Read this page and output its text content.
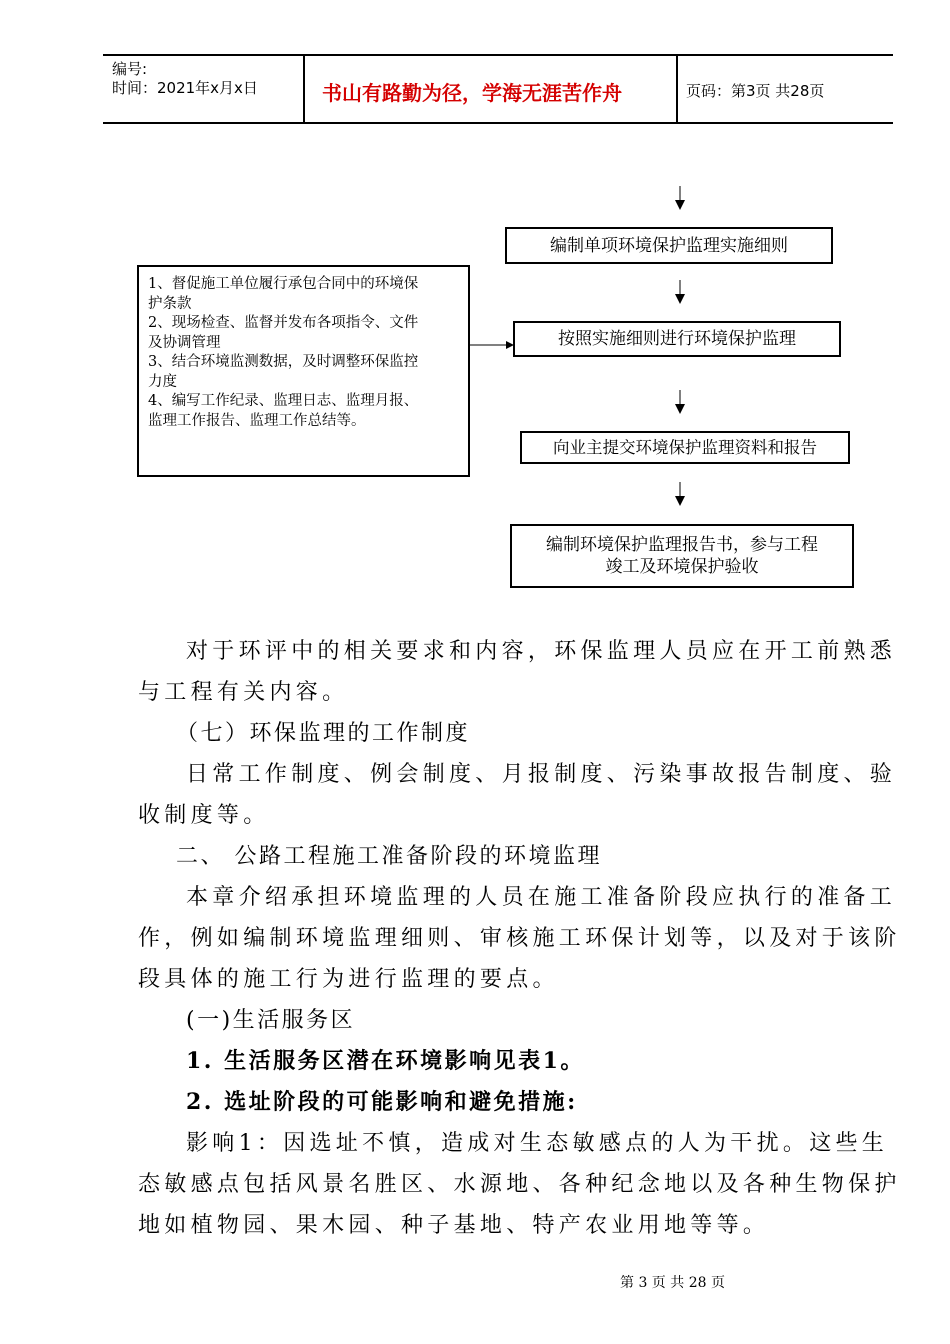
编号:
时间：2021年x月x日	书山有路勤为径，学海无涯苦作舟	页码：第3页 共28页
编制单项环境保护监理实施细则
按照实施细则进行环境保护监理
向业主提交环境保护监理资料和报告
编制环境保护监理报告书，参与工程
竣工及环境保护验收
1、督促施工单位履行承包合同中的环境保
护条款
2、现场检查、监督并发布各项指令、文件
及协调管理
3、结合环境监测数据，及时调整环保监控
力度
4、编写工作纪录、监理日志、监理月报、
监理工作报告、监理工作总结等。
对于环评中的相关要求和内容，环保监理人员应在开工前熟悉
与工程有关内容。
（七）环保监理的工作制度
日常工作制度、例会制度、月报制度、污染事故报告制度、验
收制度等。
二、 公路工程施工准备阶段的环境监理
本章介绍承担环境监理的人员在施工准备阶段应执行的准备工
作，例如编制环境监理细则、审核施工环保计划等，以及对于该阶
段具体的施工行为进行监理的要点。
(一)生活服务区
1. 生活服务区潜在环境影响见表1。
2. 选址阶段的可能影响和避免措施:
影响1：因选址不慎，造成对生态敏感点的人为干扰。这些生
态敏感点包括风景名胜区、水源地、各种纪念地以及各种生物保护
地如植物园、果木园、种子基地、特产农业用地等等。
第 3 页 共 28 页
